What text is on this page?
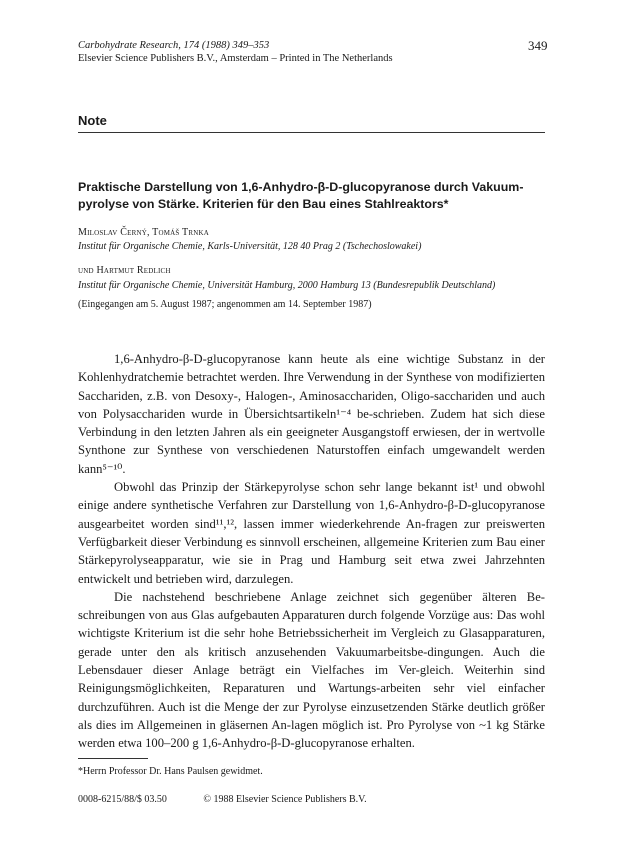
Carbohydrate Research, 174 (1988) 349–353
Elsevier Science Publishers B.V., Amsterdam – Printed in The Netherlands
349
Note
Praktische Darstellung von 1,6-Anhydro-β-D-glucopyranose durch Vakuum-pyrolyse von Stärke. Kriterien für den Bau eines Stahlreaktors*
Miloslav Černý, Tomáš Trnka
Institut für Organische Chemie, Karls-Universität, 128 40 Prag 2 (Tschechoslowakei)
und Hartmut Redlich
Institut für Organische Chemie, Universität Hamburg, 2000 Hamburg 13 (Bundesrepublik Deutschland)
(Eingegangen am 5. August 1987; angenommen am 14. September 1987)

1,6-Anhydro-β-D-glucopyranose kann heute als eine wichtige Substanz in der Kohlenhydratchemie betrachtet werden. Ihre Verwendung in der Synthese von modifizierten Sacchariden, z.B. von Desoxy-, Halogen-, Aminosacchariden, Oligo-sacchariden und auch von Polysacchariden wurde in Übersichtsartikeln¹⁻⁴ be-schrieben. Zudem hat sich diese Verbindung in den letzten Jahren als ein geeigneter Ausgangstoff erwiesen, der in wertvolle Synthone zur Synthese von verschiedenen Naturstoffen einfach umgewandelt werden kann⁵⁻¹⁰.

Obwohl das Prinzip der Stärkepyrolyse schon sehr lange bekannt ist¹ und obwohl einige andere synthetische Verfahren zur Darstellung von 1,6-Anhydro-β-D-glucopyranose ausgearbeitet worden sind¹¹,¹², lassen immer wiederkehrende An-fragen zur preiswerten Verfügbarkeit dieser Verbindung es sinnvoll erscheinen, allgemeine Kriterien zum Bau einer Stärkepyrolyseapparatur, wie sie in Prag und Hamburg seit etwa zwei Jahrzehnten entwickelt und betrieben wird, darzulegen.

Die nachstehend beschriebene Anlage zeichnet sich gegenüber älteren Be-schreibungen von aus Glas aufgebauten Apparaturen durch folgende Vorzüge aus: Das wohl wichtigste Kriterium ist die sehr hohe Betriebssicherheit im Vergleich zu Glasapparaturen, gerade unter den als kritisch anzusehenden Vakuumarbeitsbe-dingungen. Auch die Lebensdauer dieser Anlage beträgt ein Vielfaches im Ver-gleich. Weiterhin sind Reinigungsmöglichkeiten, Reparaturen und Wartungs-arbeiten sehr viel einfacher durchzuführen. Auch ist die Menge der zur Pyrolyse einzusetzenden Stärke deutlich größer als dies im Allgemeinen in gläsernen An-lagen möglich ist. Pro Pyrolyse von ~1 kg Stärke werden etwa 100–200 g 1,6-Anhydro-β-D-glucopyranose erhalten.

*Herrn Professor Dr. Hans Paulsen gewidmet.
0008-6215/88/$ 03.50	© 1988 Elsevier Science Publishers B.V.
